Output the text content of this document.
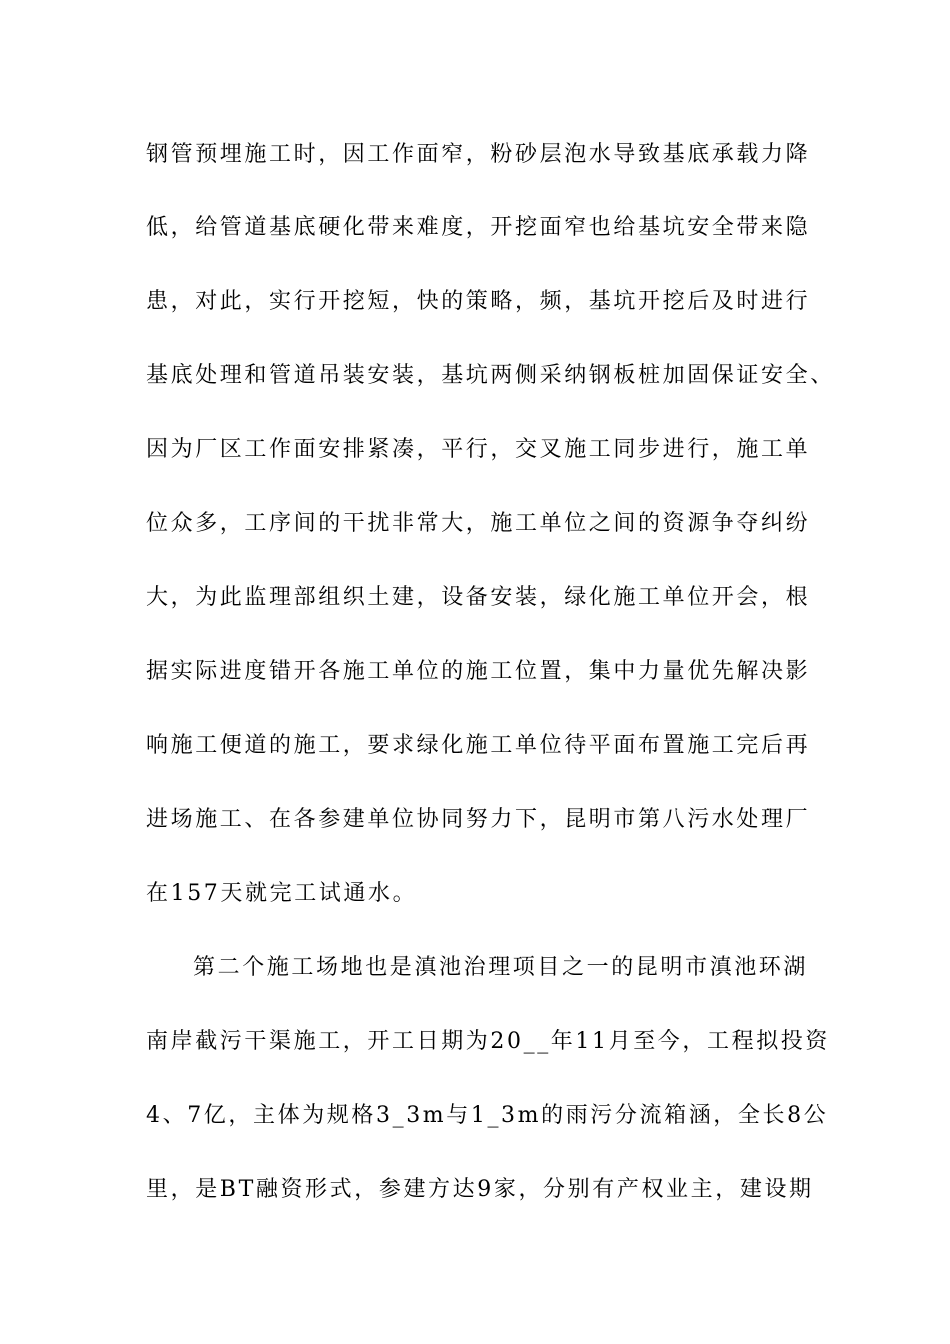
钢管预埋施工时，因工作面窄，粉砂层泡水导致基底承载力降
低，给管道基底硬化带来难度，开挖面窄也给基坑安全带来隐
患，对此，实行开挖短，快的策略，频，基坑开挖后及时进行
基底处理和管道吊装安装，基坑两侧采纳钢板桩加固保证安全、
因为厂区工作面安排紧凑，平行，交叉施工同步进行，施工单
位众多，工序间的干扰非常大，施工单位之间的资源争夺纠纷
大，为此监理部组织土建，设备安装，绿化施工单位开会，根
据实际进度错开各施工单位的施工位置，集中力量优先解决影
响施工便道的施工，要求绿化施工单位待平面布置施工完后再
进场施工、在各参建单位协同努力下，昆明市第八污水处理厂
在157天就完工试通水。
第二个施工场地也是滇池治理项目之一的昆明市滇池环湖
南岸截污干渠施工，开工日期为20__年11月至今，工程拟投资
4、7亿，主体为规格3_3m与1_3m的雨污分流箱涵，全长8公
里，是BT融资形式，参建方达9家，分别有产权业主，建设期
